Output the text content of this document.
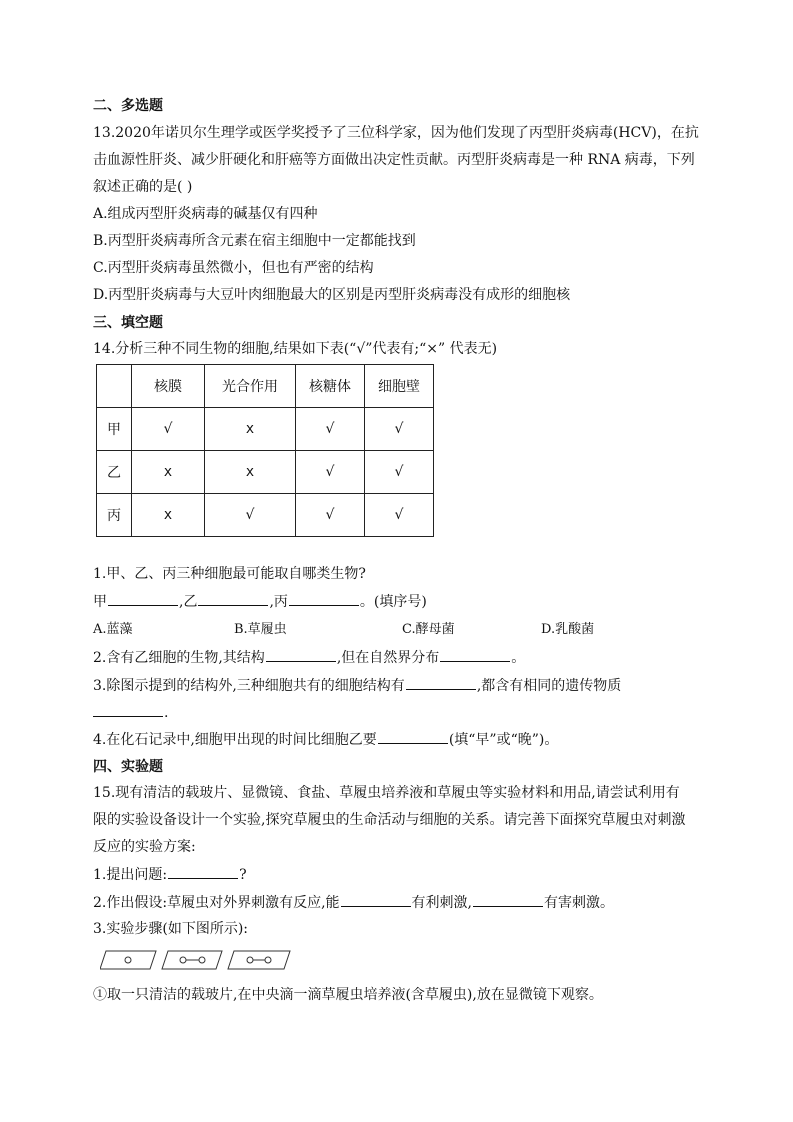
二、多选题
13.2020年诺贝尔生理学或医学奖授予了三位科学家，因为他们发现了丙型肝炎病毒(HCV)，在抗
击血源性肝炎、减少肝硬化和肝癌等方面做出决定性贡献。丙型肝炎病毒是一种 RNA 病毒，下列
叙述正确的是( )
A.组成丙型肝炎病毒的碱基仅有四种
B.丙型肝炎病毒所含元素在宿主细胞中一定都能找到
C.丙型肝炎病毒虽然微小，但也有严密的结构
D.丙型肝炎病毒与大豆叶肉细胞最大的区别是丙型肝炎病毒没有成形的细胞核
三、填空题
14.分析三种不同生物的细胞,结果如下表(“√”代表有;“×” 代表无)
	核膜	光合作用	核糖体	细胞壁
甲	√	x	√	√
乙	x	x	√	√
丙	x	√	√	√
1.甲、乙、丙三种细胞最可能取自哪类生物?
甲	,乙	,丙	。(填序号)
A.蓝藻	B.草履虫	C.酵母菌	D.乳酸菌
2.含有乙细胞的生物,其结构	,但在自然界分布	。
3.除图示提到的结构外,三种细胞共有的细胞结构有	,都含有相同的遗传物质
.
4.在化石记录中,细胞甲出现的时间比细胞乙要	(填“早”或“晚”)。
四、实验题
15.现有清洁的载玻片、显微镜、食盐、草履虫培养液和草履虫等实验材料和用品,请尝试利用有
限的实验设备设计一个实验,探究草履虫的生命活动与细胞的关系。请完善下面探究草履虫对刺激
反应的实验方案:
1.提出问题:	?
2.作出假设:草履虫对外界刺激有反应,能	有利刺激,	有害刺激。
3.实验步骤(如下图所示):
①取一只清洁的载玻片,在中央滴一滴草履虫培养液(含草履虫),放在显微镜下观察。
